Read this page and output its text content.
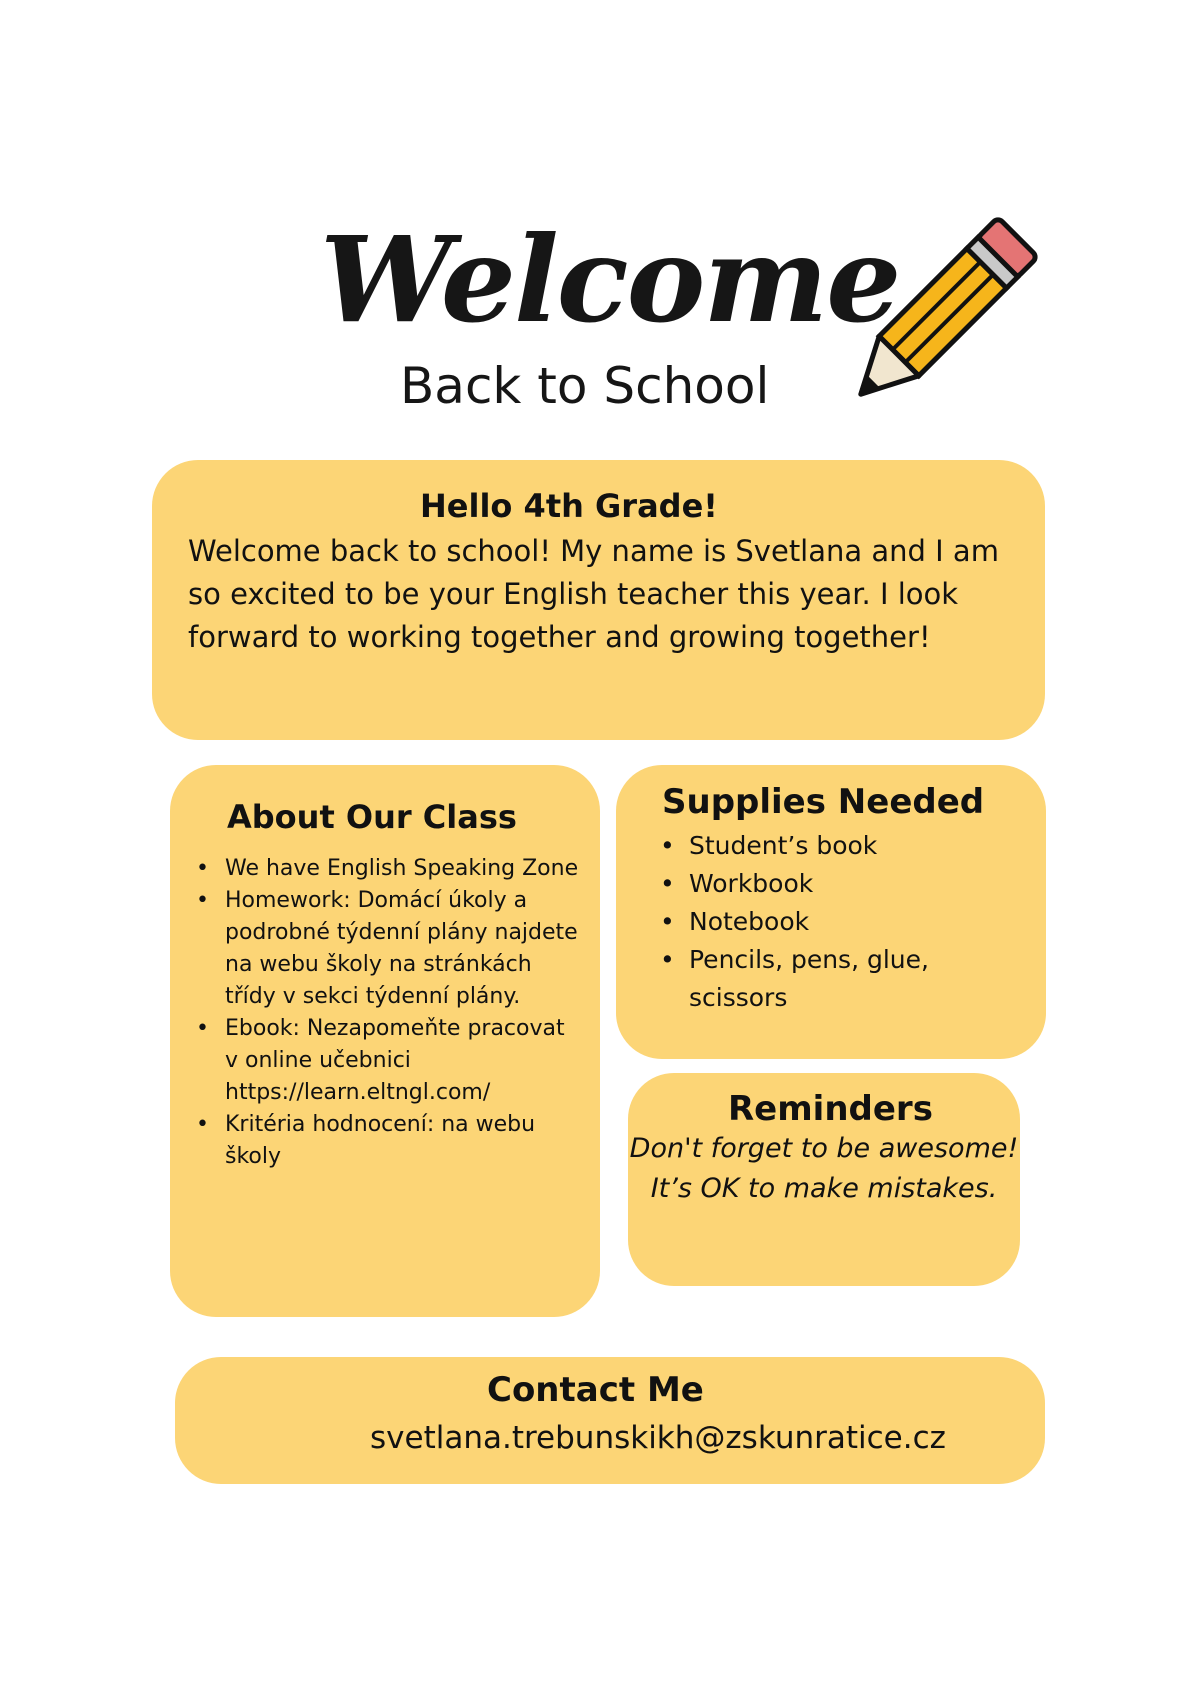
Welcome
Back to School
Hello 4th Grade!
Welcome back to school! My name is Svetlana and I am so excited to be your English teacher this year. I look forward to working together and growing together!
About Our Class
• We have English Speaking Zone
• Homework: Domácí úkoly a podrobné týdenní plány najdete na webu školy na stránkách třídy v sekci týdenní plány.
• Ebook: Nezapomeňte pracovat v online učebnici https://learn.eltngl.com/
• Kritéria hodnocení: na webu školy
Supplies Needed
• Student’s book
• Workbook
• Notebook
• Pencils, pens, glue, scissors
Reminders
Don't forget to be awesome!
It’s OK to make mistakes.
Contact Me
svetlana.trebunskikh@zskunratice.cz
